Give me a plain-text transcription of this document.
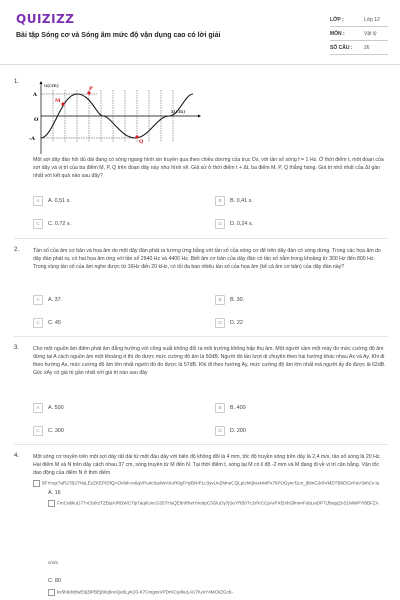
QUIZIZZ
Bài tập Sóng cơ và Sóng âm mức độ vận dụng cao có lời giải
LỚP :	Lớp 12
MÔN :	Vật lý
SỐ CÂU : 26
1.
u(cm)
x(cm)
A
-A
O
M
P
Q
Một sợi dây đàn hồi đủ dài đang có sóng ngang hình sin truyền qua theo chiều dương của trục Ox, với tần số sóng f = 1 Hz. Ở thời điểm t, một đoạn của sợi dây và vị trí của ba điểm M, P, Q trên đoạn dây này như hình vẽ. Giả sử ở thời điểm t + Δt, ba điểm M, P, Q thẳng hàng. Giá trị nhỏ nhất của Δt gần nhất với kết quả nào sau đây?
A	A. 0,51 s.	B	B. 0,41 s.
C	C. 0,72 s.	D	D. 0,24 s.
2.	Tần số của âm cơ bản và họa âm do một dây đàn phát ra tương ứng bằng với tần số của sóng cơ để trên dây đàn có sóng dừng. Trong các họa âm do dây đàn phát ra, có hai họa âm ứng với tần số 2640 Hz và 4400 Hz. Biết âm cơ bản của dây đàn có tần số nằm trong khoảng từ 300 Hz đến 800 Hz. Trong vùng tần số của âm nghe được từ 16Hz đến 20 kHz, có tối đa bao nhiêu tần số của họa âm (kể cả âm cơ bản) của dây đàn này?
A	A. 37.	B	B. 30.
C	C. 45	D	D. 22
3.	Cho một nguồn âm điểm phát âm đẳng hướng với công suất không đổi ra môi trường không hấp thụ âm. Một người cầm một máy đo mức cường độ âm đứng tại A cách nguồn âm một khoảng d thì đo được mức cường độ âm là 50dB. Người đó lần lượt di chuyển theo hai hướng khác nhau Ax và Ay. Khi đi theo hướng Ax, mức cường độ âm lớn nhất người đó đo được là 57dB. Khi đi theo hướng Ay, mức cường độ âm lớn nhất mà người ấy đo được là 62dB. Góc xAy có giá trị gần nhất với giá trị nào sau đây
A	A. 500	B	B. 400
C	C. 300	D	D. 200
4.	Một sóng cơ truyền trên một sợi dây rất dài từ một đầu dây với biên độ không đổi là 4 mm, tốc độ truyền sóng trên dây là 2,4 m/s, tần số sóng là 20 Hz. Hai điểm M và N trên dây cách nhau 37 cm, sóng truyền từ M đến N. Tại thời điểm t, sóng tại M có li độ -2 mm và M đang đi về vị trí cân bằng. Vận tốc dao động của điểm N ở thời điểm
8FYnqz7aR27B27NsLEzZKEPIDfQAOxfsh-m9qVPu4c0q4WAKoR0gFHyBNIPLc3yvUnZMneCQLpUhKjkiu4rMPx7hPUGyncf1cn_jf9inG3r0VMDTB8EtGrPaV3shCs la
A. 16
FmCo6kuG77vCb0rzTZBqIAiRDWC7lp7aq6UncG3STHsQEltnRheHVe9pC3GluOy7jSeYRB07cJzfVCCpArPXf2nhGllmmFobLwDP7LfbepjZnS1MWPYl8BFZA
cm/s.
C. 80
kx5h8dxBwE6j3tPBEj80q6nnQe6LyK20-K7CmgxsVPDrKCydku1AU7IUeY4MCkZGcb-
